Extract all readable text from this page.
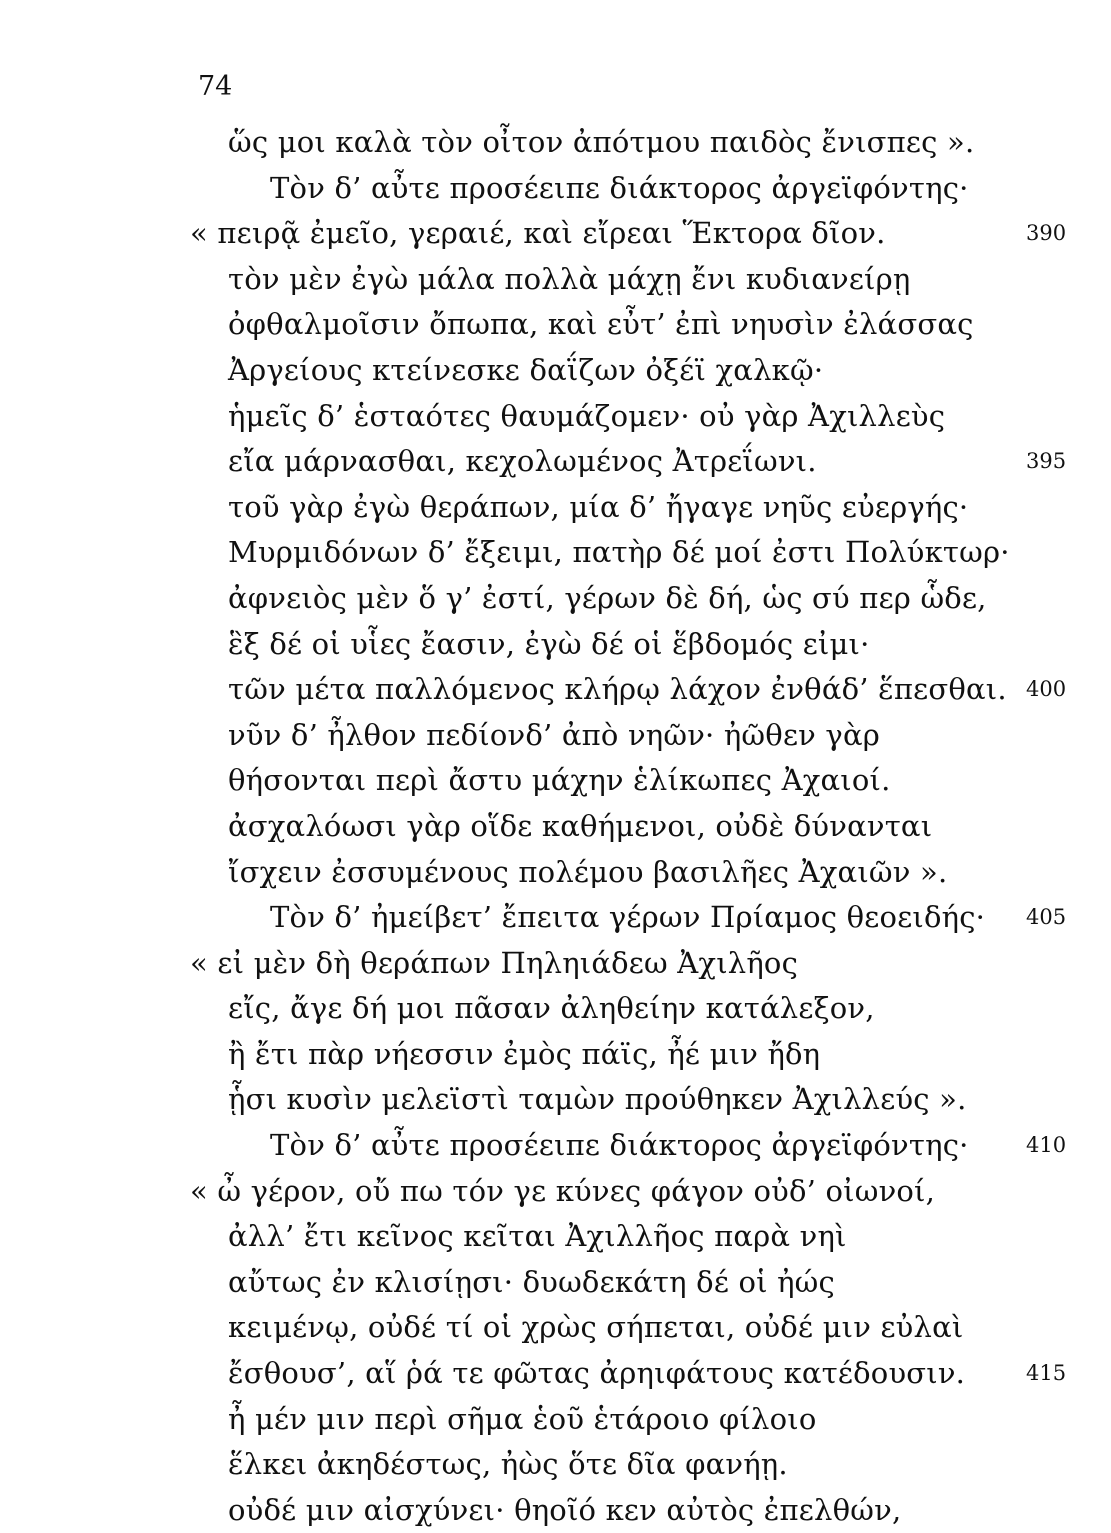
74
ὥς μοι καλὰ τὸν οἶτον ἀπότμου παιδὸς ἔνισπες ».
Τὸν δ’ αὖτε προσέειπε διάκτορος ἀργεϊφόντης·
« πειρᾷ ἐμεῖο, γεραιέ, καὶ εἴρεαι Ἕκτορα δῖον.	390
τὸν μὲν ἐγὼ μάλα πολλὰ μάχῃ ἔνι κυδιανείρῃ
ὀφθαλμοῖσιν ὄπωπα, καὶ εὖτ’ ἐπὶ νηυσὶν ἐλάσσας
Ἀργείους κτείνεσκε δαΐζων ὀξέϊ χαλκῷ·
ἡμεῖς δ’ ἑσταότες θαυμάζομεν· οὐ γὰρ Ἀχιλλεὺς
εἴα μάρνασθαι, κεχολωμένος Ἀτρεΐωνι.	395
τοῦ γὰρ ἐγὼ θεράπων, μία δ’ ἤγαγε νηῦς εὐεργής·
Μυρμιδόνων δ’ ἔξειμι, πατὴρ δέ μοί ἐστι Πολύκτωρ·
ἀφνειὸς μὲν ὅ γ’ ἐστί, γέρων δὲ δή, ὡς σύ περ ὧδε,
ἓξ δέ οἱ υἷες ἔασιν, ἐγὼ δέ οἱ ἕβδομός εἰμι·
τῶν μέτα παλλόμενος κλήρῳ λάχον ἐνθάδ’ ἕπεσθαι. 400
νῦν δ’ ἦλθον πεδίονδ’ ἀπὸ νηῶν· ἠῶθεν γὰρ
θήσονται περὶ ἄστυ μάχην ἑλίκωπες Ἀχαιοί.
ἀσχαλόωσι γὰρ οἵδε καθήμενοι, οὐδὲ δύνανται
ἴσχειν ἐσσυμένους πολέμου βασιλῆες Ἀχαιῶν ».
Τὸν δ’ ἠμείβετ’ ἔπειτα γέρων Πρίαμος θεοειδής· 405
« εἰ μὲν δὴ θεράπων Πηληιάδεω Ἀχιλῆος
εἴς, ἄγε δή μοι πᾶσαν ἀληθείην κατάλεξον,
ἢ ἔτι πὰρ νήεσσιν ἐμὸς πάϊς, ἦέ μιν ἤδη
ᾗσι κυσὶν μελεϊστὶ ταμὼν προύθηκεν Ἀχιλλεύς ».
Τὸν δ’ αὖτε προσέειπε διάκτορος ἀργεϊφόντης·	410
« ὦ γέρον, οὔ πω τόν γε κύνες φάγον οὐδ’ οἰωνοί,
ἀλλ’ ἔτι κεῖνος κεῖται Ἀχιλλῆος παρὰ νηὶ
αὔτως ἐν κλισίῃσι· δυωδεκάτη δέ οἱ ἠώς
κειμένῳ, οὐδέ τί οἱ χρὼς σήπεται, οὐδέ μιν εὐλαὶ
ἔσθουσ’, αἵ ῥά τε φῶτας ἀρηιφάτους κατέδουσιν.	415
ἦ μέν μιν περὶ σῆμα ἑοῦ ἑτάροιο φίλοιο
ἕλκει ἀκηδέστως, ἠὼς ὅτε δῖα φανήῃ.
οὐδέ μιν αἰσχύνει· θηοῖό κεν αὐτὸς ἐπελθών,
